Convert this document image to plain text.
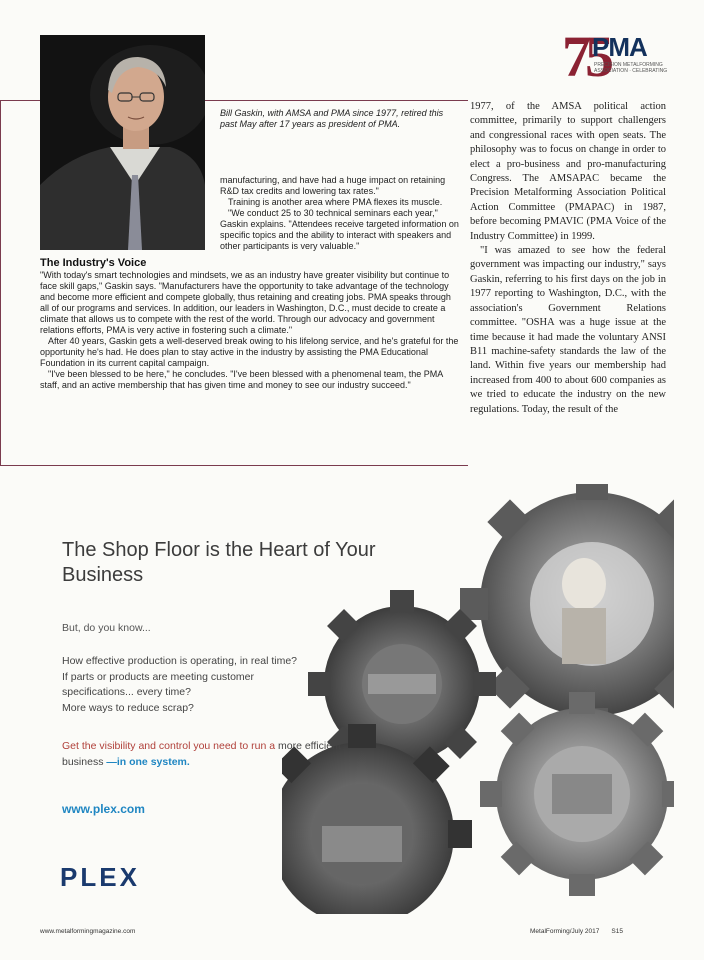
75
PMA
PRECISION METALFORMING ASSOCIATION · CELEBRATING

Bill Gaskin, with AMSA and PMA since 1977, retired this past May after 17 years as president of PMA.

manufacturing, and have had a huge impact on retaining R&D tax credits and lowering tax rates."

Training is another area where PMA flexes its muscle.

"We conduct 25 to 30 technical seminars each year," Gaskin explains. "Attendees receive targeted information on specific topics and the ability to interact with speakers and other participants is very valuable."

The Industry's Voice

"With today's smart technologies and mindsets, we as an industry have greater visibility but continue to face skill gaps," Gaskin says. "Manufacturers have the opportunity to take advantage of the technology and become more efficient and compete globally, thus retaining and creating jobs. PMA speaks through all of our programs and services. In addition, our leaders in Washington, D.C., must decide to create a climate that allows us to compete with the rest of the world. Through our advocacy and government relations efforts, PMA is very active in fostering such a climate."

After 40 years, Gaskin gets a well-deserved break owing to his lifelong service, and he's grateful for the opportunity he's had. He does plan to stay active in the industry by assisting the PMA Educational Foundation in its current capital campaign.

"I've been blessed to be here," he concludes. "I've been blessed with a phenomenal team, the PMA staff, and an active membership that has given time and money to see our industry succeed."

1977, of the AMSA political action committee, primarily to support challengers and congressional races with open seats. The philosophy was to focus on change in order to elect a pro-business and pro-manufacturing Congress. The AMSAPAC became the Precision Metalforming Association Political Action Committee (PMAPAC) in 1987, before becoming PMAVIC (PMA Voice of the Industry Committee) in 1999.

"I was amazed to see how the federal government was impacting our industry," says Gaskin, referring to his first days on the job in 1977 reporting to Washington, D.C., with the association's Government Relations committee. "OSHA was a huge issue at the time because it had made the voluntary ANSI B11 machine-safety standards the law of the land. Within five years our membership had increased from 400 to about 600 companies as we tried to educate the industry on the new regulations. Today, the result of the

The Shop Floor is the Heart of Your Business
But, do you know...
How effective production is operating, in real time?
If parts or products are meeting customer
specifications... every time?
More ways to reduce scrap?
Get the visibility and control you need to run a more efficient business —in one system.
www.plex.com
PLEX
www.metalformingmagazine.com	MetalForming/July 2017 S15
